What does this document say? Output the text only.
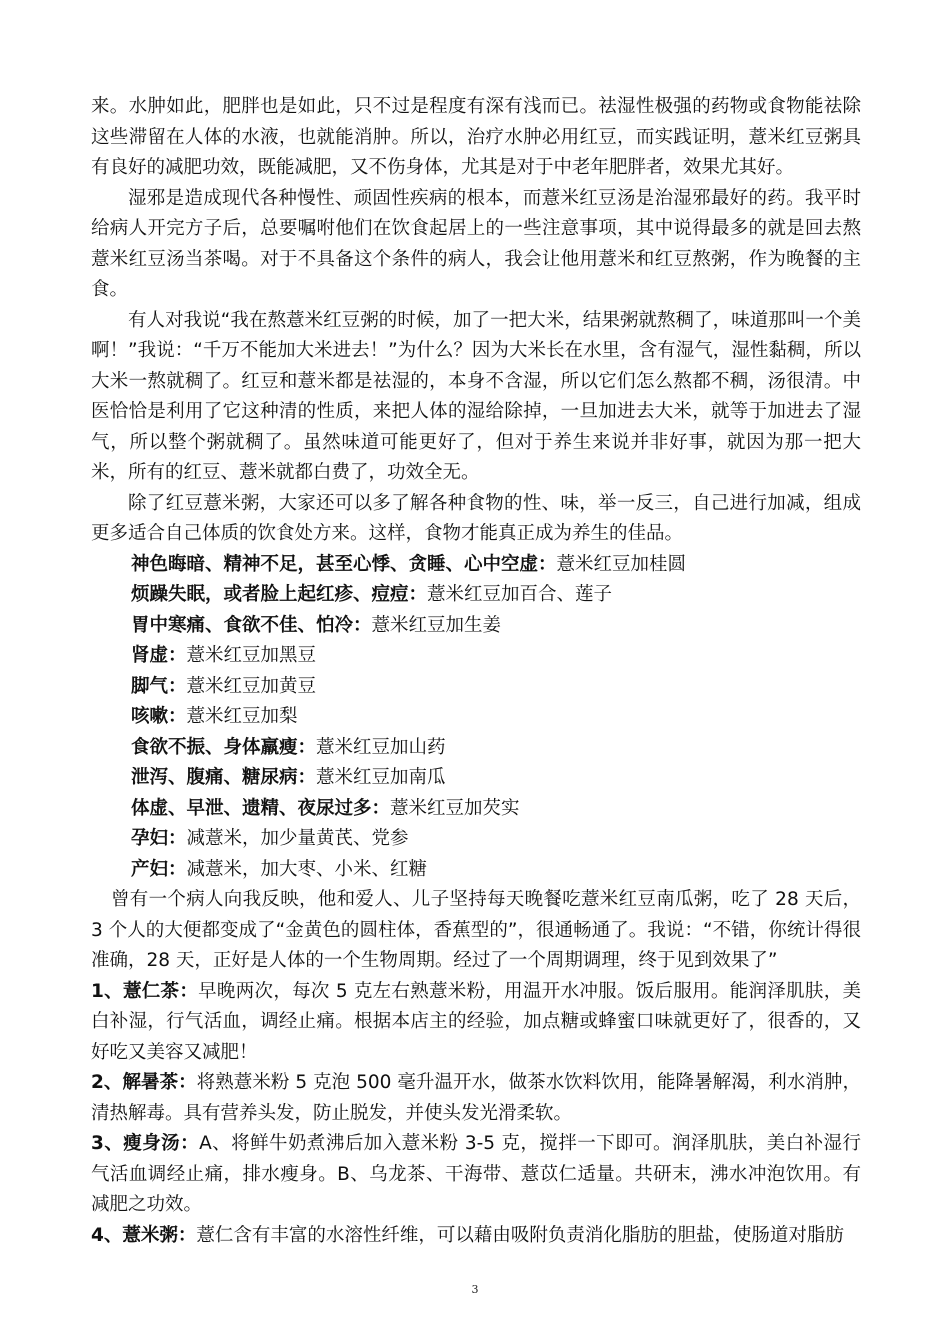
来。水肿如此，肥胖也是如此，只不过是程度有深有浅而已。祛湿性极强的药物或食物能祛除这些滞留在人体的水液，也就能消肿。所以，治疗水肿必用红豆，而实践证明，薏米红豆粥具有良好的减肥功效，既能减肥，又不伤身体，尤其是对于中老年肥胖者，效果尤其好。

湿邪是造成现代各种慢性、顽固性疾病的根本，而薏米红豆汤是治湿邪最好的药。我平时给病人开完方子后，总要嘱咐他们在饮食起居上的一些注意事项，其中说得最多的就是回去熬薏米红豆汤当茶喝。对于不具备这个条件的病人，我会让他用薏米和红豆熬粥，作为晚餐的主食。

有人对我说“我在熬薏米红豆粥的时候，加了一把大米，结果粥就熬稠了，味道那叫一个美啊！”我说：“千万不能加大米进去！”为什么？因为大米长在水里，含有湿气，湿性黏稠，所以大米一熬就稠了。红豆和薏米都是祛湿的，本身不含湿，所以它们怎么熬都不稠，汤很清。中医恰恰是利用了它这种清的性质，来把人体的湿给除掉，一旦加进去大米，就等于加进去了湿气，所以整个粥就稠了。虽然味道可能更好了，但对于养生来说并非好事，就因为那一把大米，所有的红豆、薏米就都白费了，功效全无。

除了红豆薏米粥，大家还可以多了解各种食物的性、味，举一反三，自己进行加减，组成更多适合自己体质的饮食处方来。这样，食物才能真正成为养生的佳品。

神色晦暗、精神不足，甚至心悸、贪睡、心中空虚：薏米红豆加桂圆

烦躁失眠，或者脸上起红疹、痘痘：薏米红豆加百合、莲子

胃中寒痛、食欲不佳、怕冷：薏米红豆加生姜

肾虚：薏米红豆加黑豆

脚气：薏米红豆加黄豆

咳嗽：薏米红豆加梨

食欲不振、身体羸瘦：薏米红豆加山药

泄泻、腹痛、糖尿病：薏米红豆加南瓜

体虚、早泄、遗精、夜尿过多：薏米红豆加芡实

孕妇：减薏米，加少量黄芪、党参

产妇：减薏米，加大枣、小米、红糖

曾有一个病人向我反映，他和爱人、儿子坚持每天晚餐吃薏米红豆南瓜粥，吃了 28 天后，3 个人的大便都变成了“金黄色的圆柱体，香蕉型的”，很通畅通了。我说：“不错，你统计得很准确，28 天，正好是人体的一个生物周期。经过了一个周期调理，终于见到效果了”

1、薏仁茶：早晚两次，每次 5 克左右熟薏米粉，用温开水冲服。饭后服用。能润泽肌肤，美白补湿，行气活血，调经止痛。根据本店主的经验，加点糖或蜂蜜口味就更好了，很香的，又好吃又美容又减肥！

2、解暑茶：将熟薏米粉 5 克泡 500 毫升温开水，做茶水饮料饮用，能降暑解渴，利水消肿，清热解毒。具有营养头发，防止脱发，并使头发光滑柔软。

3、瘦身汤：A、将鲜牛奶煮沸后加入薏米粉 3-5 克，搅拌一下即可。润泽肌肤，美白补湿行气活血调经止痛，排水瘦身。B、乌龙茶、干海带、薏苡仁适量。共研末，沸水冲泡饮用。有减肥之功效。

4、薏米粥：薏仁含有丰富的水溶性纤维，可以藉由吸附负责消化脂肪的胆盐，使肠道对脂肪

3
